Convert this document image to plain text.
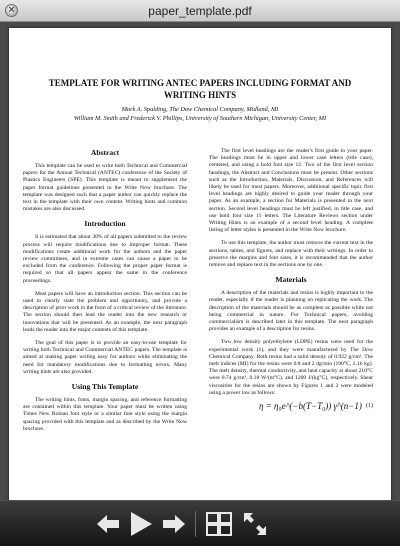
×	paper_template.pdf
TEMPLATE FOR WRITING ANTEC PAPERS INCLUDING FORMAT AND WRITING HINTS
Mark A. Spalding, The Dow Chemical Company, Midland, MI
William M. Smith and Frederick V. Phillips, University of Southern Michigan, University Center, MI
Abstract

This template can be used to write both Technical and Commercial papers for the Annual Technical (ANTEC) conference of the Society of Plastics Engineers (SPE). This template is meant to supplement the paper format guidelines presented in the Write Now brochure. The template was designed such that a paper author can quickly replace the text in the template with their own content. Writing hints and common mistakes are also discussed.

Introduction

It is estimated that about 30% of all papers submitted to the review process will require modifications due to improper format. These modifications create additional work for the authors and the paper review committees, and in extreme cases can cause a paper to be excluded from the conference. Following the proper paper format is required so that all papers appear the same in the conference proceedings.

Most papers will have an introduction section. This section can be used to clearly state the problem and opportunity, and provide a description of prior work in the form of a critical review of the literature. The section should then lead the reader into the new research or innovations that will be presented. As an example, the next paragraph leads the reader into the major contents of this template.

The goal of this paper is to provide an easy-to-use template for writing both Technical and Commercial ANTEC papers. The template is aimed at making paper writing easy for authors while eliminating the need for mandatory modifications due to formatting errors. Many writing hints are also provided.

Using This Template

The writing hints, fonts, margin spacing, and reference formatting are contained within this template. Your paper must be written using Times New Roman font style or a similar font style using the margin spacing provided with this template and as described by the Write Now brochure.

The first level headings are the reader's first guide to your paper. The headings must be in upper and lower case letters (title case), centered, and using a bold font size 12. Two of the first level section headings, the Abstract and Conclusions must be present. Other sections such as the Introduction, Materials, Discussion, and References will likely be used for most papers. Moreover, additional specific topic first level headings are highly desired to guide your reader through your paper. As an example, a section for Materials is presented in the next section. Second level headings must be left justified, in title case, and use bold font size 11 letters. The Literature Reviews section under Writing Hints is an example of a second level heading. A complete listing of letter styles is presented in the Write Now brochure.

To use this template, the author must remove the current text in the sections, tables, and figures, and replace with their writings. In order to preserve the margins and font sizes, it is recommended that the author remove and replace text in the sections one by one.

Materials

A description of the materials and resins is highly important to the reader, especially if the reader is planning on replicating the work. The description of the materials should be as complete as possible while not being commercial in nature. For Technical papers, avoiding commercialism is described later in this template. The next paragraph provides an example of a description for resins.

Two low density polyethylene (LDPE) resins were used for the experimental work (1), and they were manufactured by The Dow Chemical Company. Both resins had a solid density of 0.922 g/cm³. The melt indices (MI) for the resins were 0.8 and 2 dg/min (190°C, 2.16 kg). The melt density, thermal conductivity, and heat capacity at about 210°C were 0.74 g/cm³, 0.18 W/(m°C), and 1200 J/(kg°C), respectively. Shear viscosities for the resins are shown by Figures 1 and 2 were modeled using a power law as follows:

η = η₀e^(−b(T−T₀)) γ̇^(n−1) (1)
